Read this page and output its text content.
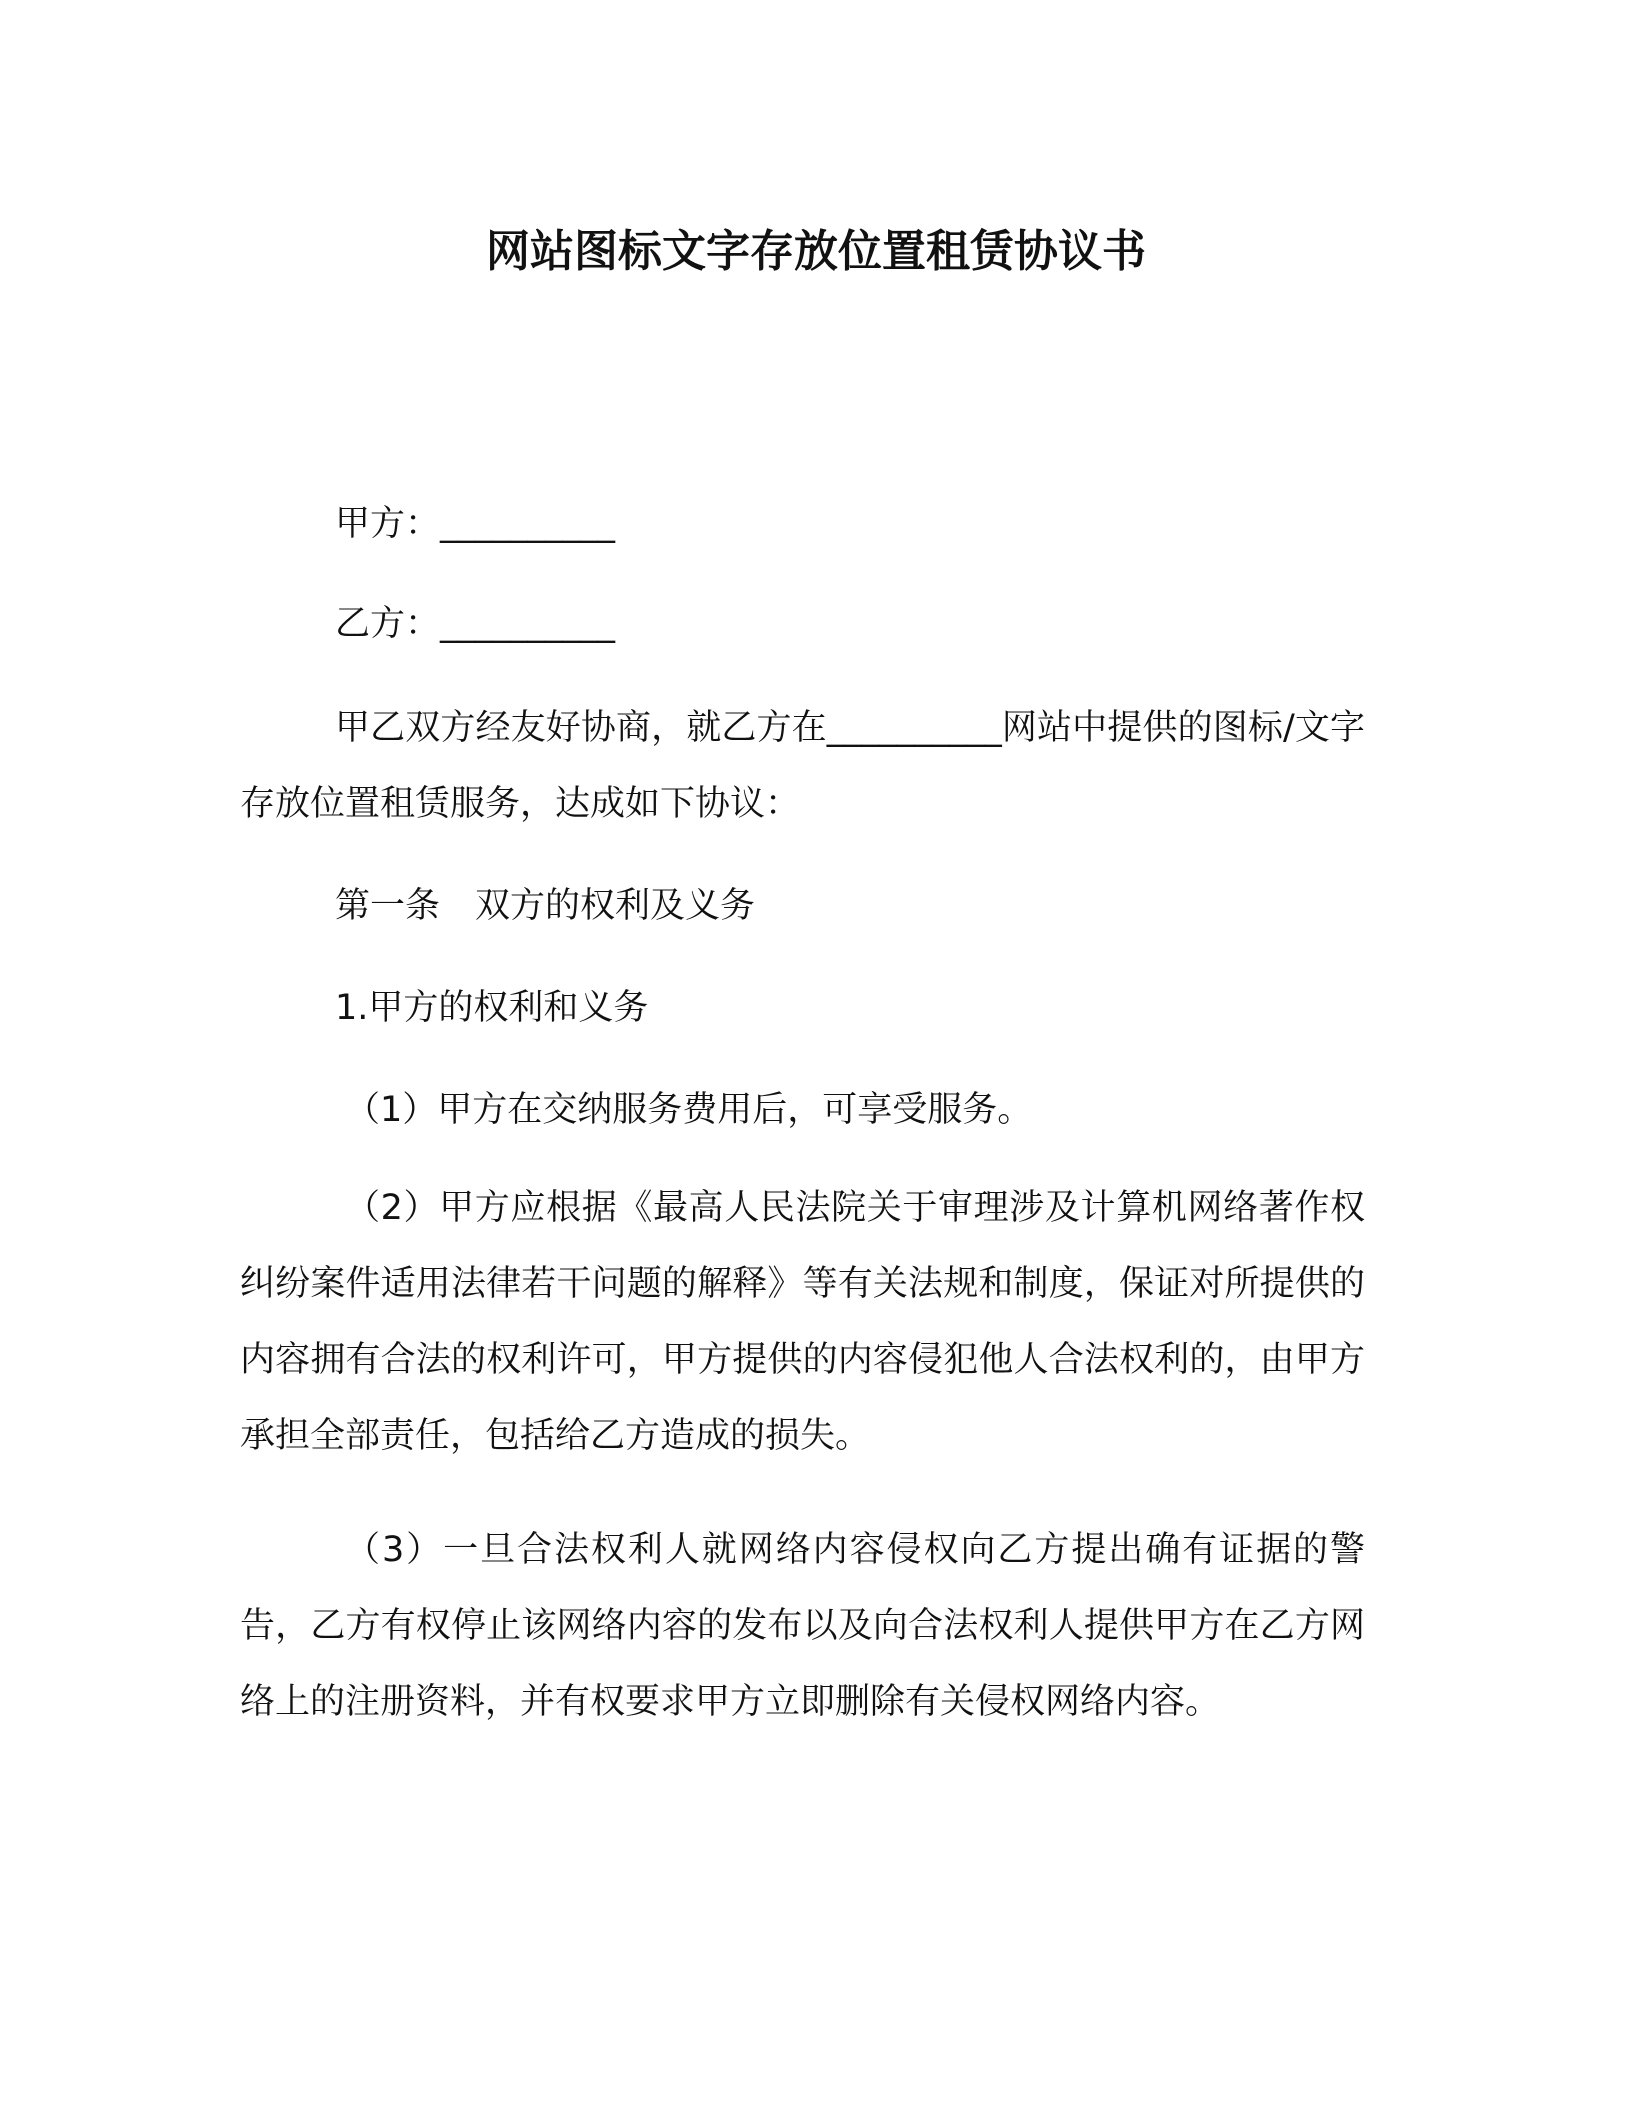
网站图标文字存放位置租赁协议书
甲方：__________
乙方：__________
甲乙双方经友好协商，就乙方在__________网站中提供的图标/文字存放位置租赁服务，达成如下协议：
第一条　双方的权利及义务
1.甲方的权利和义务
（1）甲方在交纳服务费用后，可享受服务。
（2）甲方应根据《最高人民法院关于审理涉及计算机网络著作权纠纷案件适用法律若干问题的解释》等有关法规和制度，保证对所提供的内容拥有合法的权利许可，甲方提供的内容侵犯他人合法权利的，由甲方承担全部责任，包括给乙方造成的损失。
（3）一旦合法权利人就网络内容侵权向乙方提出确有证据的警告，乙方有权停止该网络内容的发布以及向合法权利人提供甲方在乙方网络上的注册资料，并有权要求甲方立即删除有关侵权网络内容。
